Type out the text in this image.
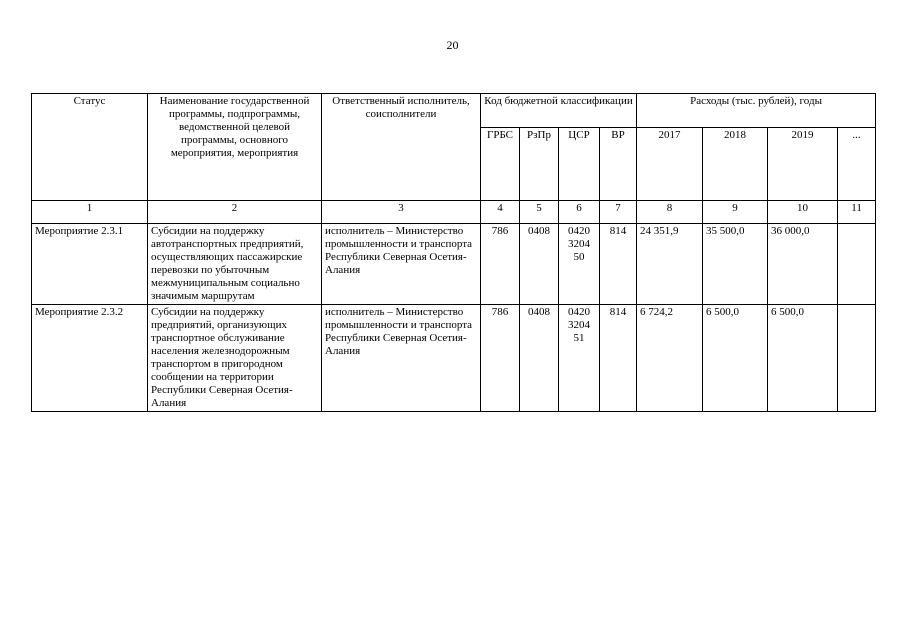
20
Статус	Наименование государственной программы, подпрограммы, ведомственной целевой программы, основного мероприятия, мероприятия	Ответственный исполнитель, соисполнители	Код бюджетной классификации				Расходы (тыс. рублей), годы			
			ГРБС	РзПр	ЦСР	ВР	2017	2018	2019	...
1	2	3	4	5	6	7	8	9	10	11
Мероприятие 2.3.1	Субсидии на поддержку автотранспортных предприятий, осуществляющих пассажирские перевозки по убыточным межмуниципальным социально значимым маршрутам	исполнитель – Министерство промышленности и транспорта Республики Северная Осетия-Алания	786	0408	0420 3204 50	814	24 351,9	35 500,0	36 000,0	
Мероприятие 2.3.2	Субсидии на поддержку предприятий, организующих транспортное обслуживание населения железнодорожным транспортом в пригородном сообщении на территории Республики Северная Осетия-Алания	исполнитель – Министерство промышленности и транспорта Республики Северная Осетия-Алания	786	0408	0420 3204 51	814	6 724,2	6 500,0	6 500,0	
